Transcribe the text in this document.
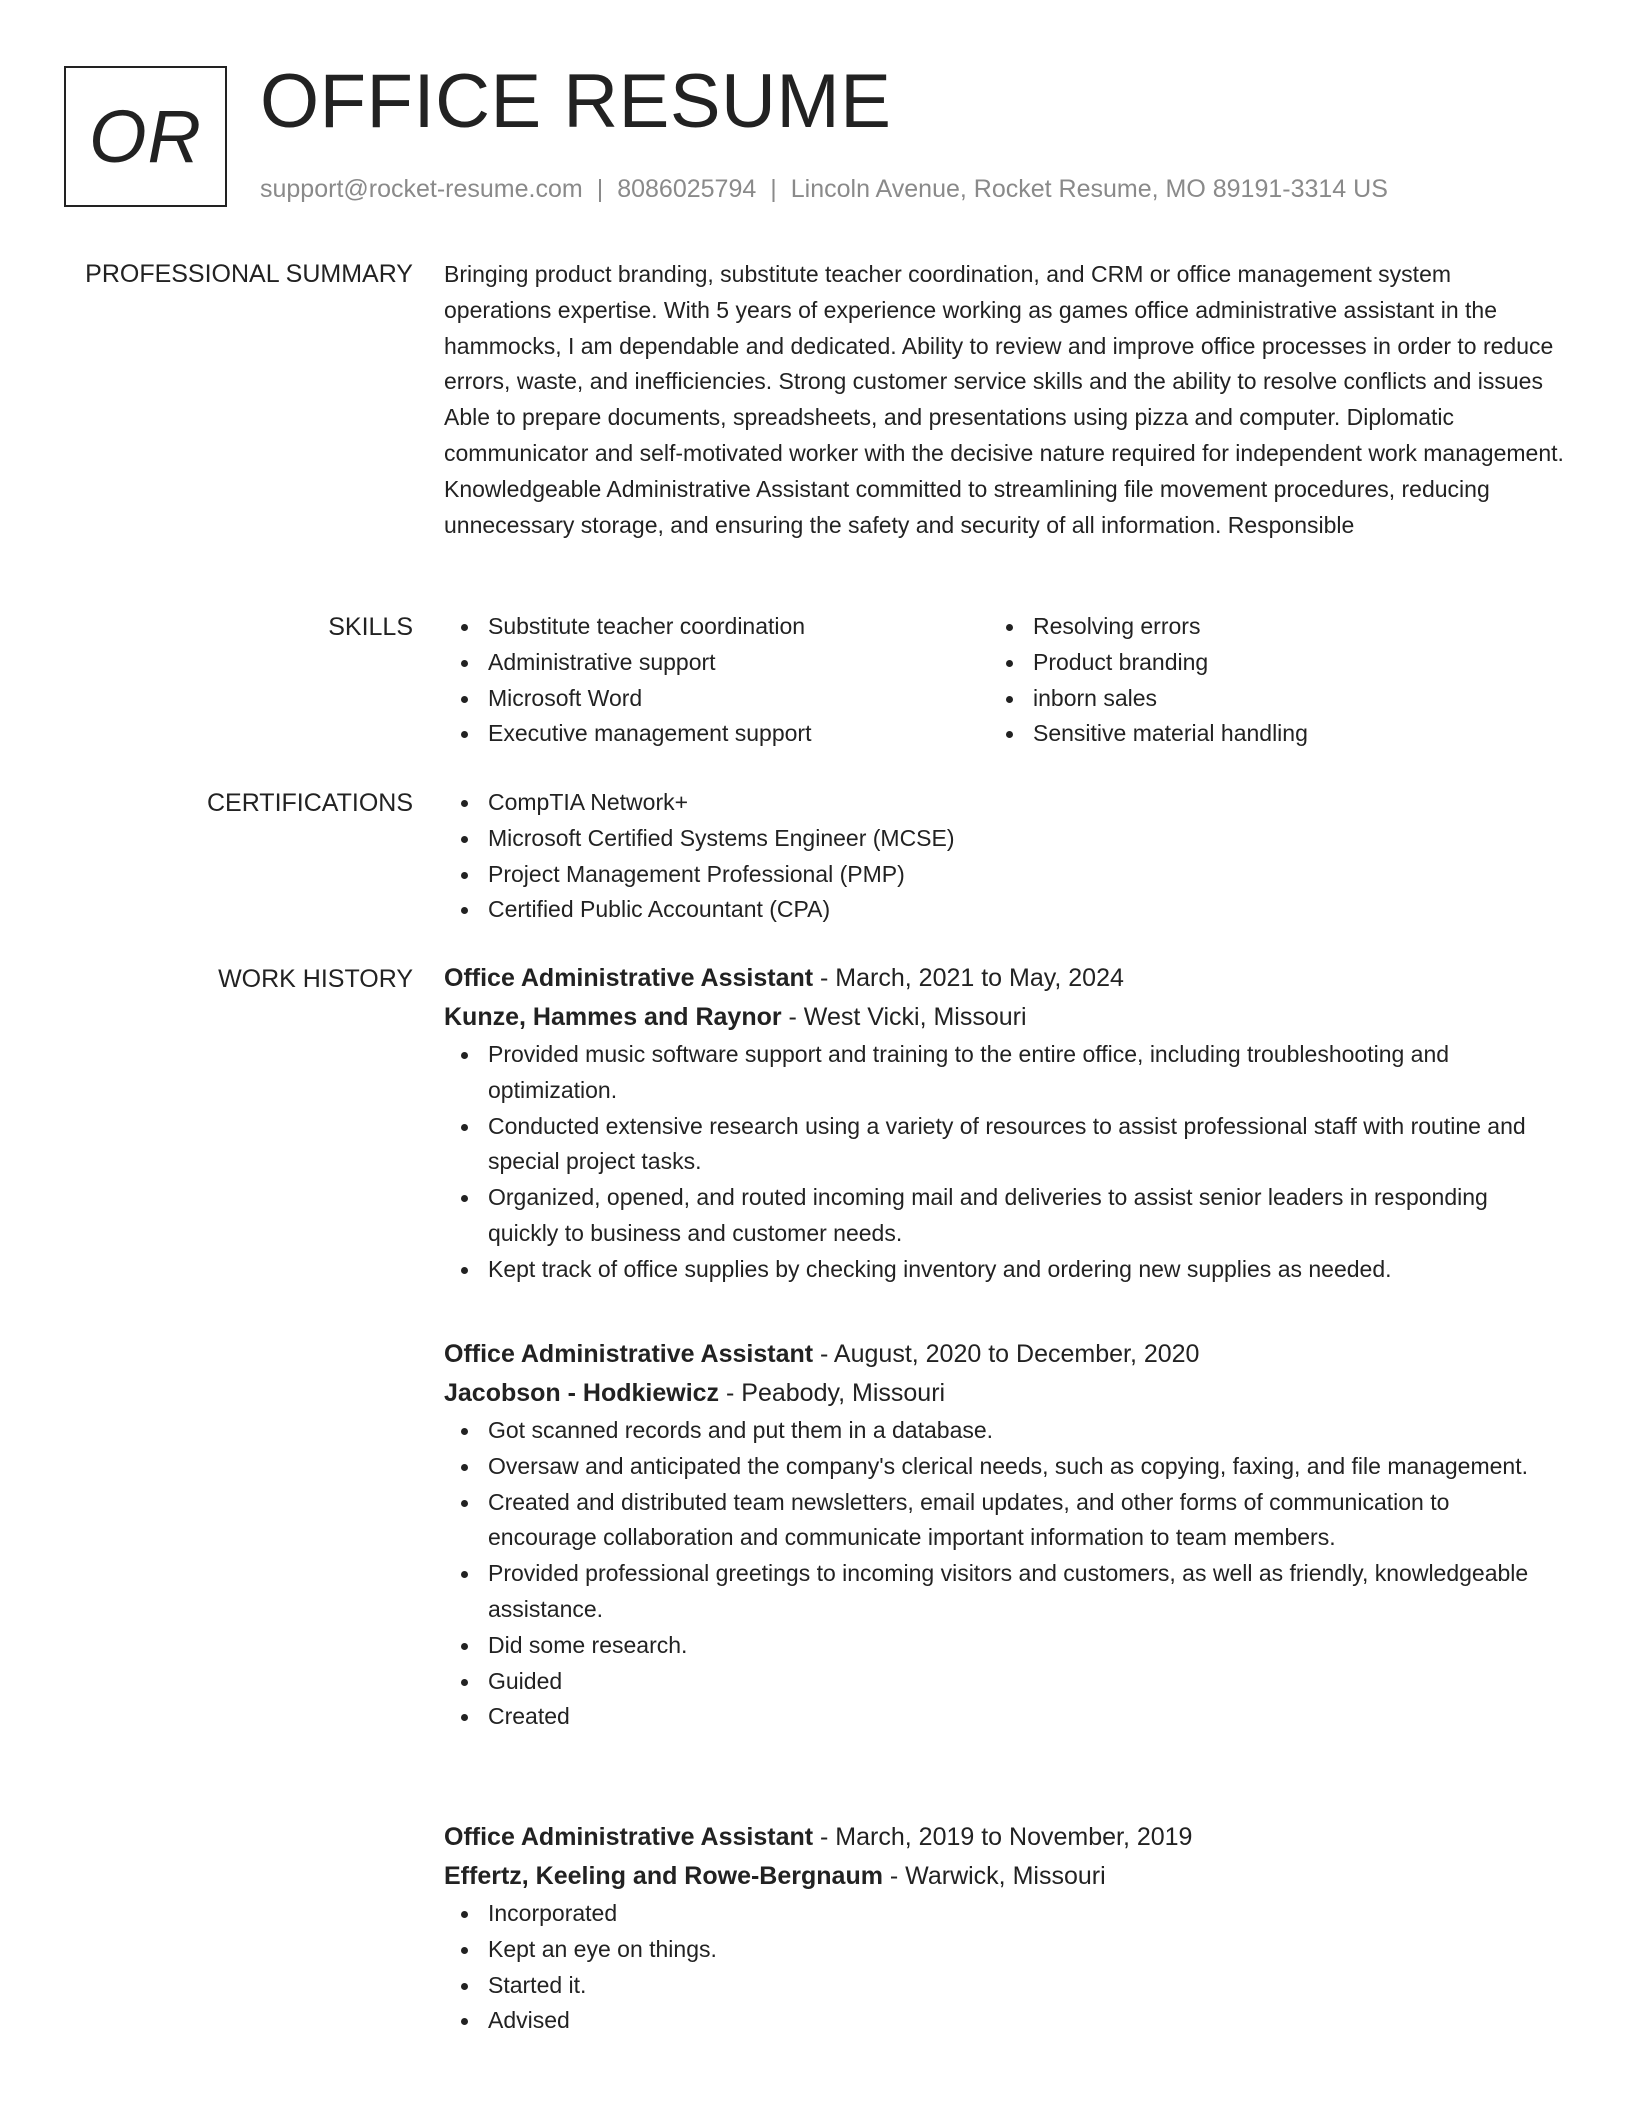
OR OFFICE RESUME
support@rocket-resume.com | 8086025794 | Lincoln Avenue, Rocket Resume, MO 89191-3314 US
PROFESSIONAL SUMMARY Bringing product branding, substitute teacher coordination, and CRM or office management system operations expertise. With 5 years of experience working as games office administrative assistant in the hammocks, I am dependable and dedicated. Ability to review and improve office processes in order to reduce errors, waste, and inefficiencies. Strong customer service skills and the ability to resolve conflicts and issues Able to prepare documents, spreadsheets, and presentations using pizza and computer. Diplomatic communicator and self-motivated worker with the decisive nature required for independent work management. Knowledgeable Administrative Assistant committed to streamlining file movement procedures, reducing unnecessary storage, and ensuring the safety and security of all information. Responsible

SKILLS	Substitute teacher coordination
Administrative support
Microsoft Word
Executive management support
Resolving errors
Product branding
inborn sales
Sensitive material handling
CERTIFICATIONS	CompTIA Network+
Microsoft Certified Systems Engineer (MCSE)
Project Management Professional (PMP)
Certified Public Accountant (CPA)
WORK HISTORY Office Administrative Assistant - March, 2021 to May, 2024
Kunze, Hammes and Raynor - West Vicki, Missouri
Provided music software support and training to the entire office, including troubleshooting and optimization.
Conducted extensive research using a variety of resources to assist professional staff with routine and special project tasks.
Organized, opened, and routed incoming mail and deliveries to assist senior leaders in responding quickly to business and customer needs.
Kept track of office supplies by checking inventory and ordering new supplies as needed.
Office Administrative Assistant - August, 2020 to December, 2020
Jacobson - Hodkiewicz - Peabody, Missouri
Got scanned records and put them in a database.
Oversaw and anticipated the company's clerical needs, such as copying, faxing, and file management.
Created and distributed team newsletters, email updates, and other forms of communication to encourage collaboration and communicate important information to team members.
Provided professional greetings to incoming visitors and customers, as well as friendly, knowledgeable assistance.
Did some research.
Guided
Created
Office Administrative Assistant - March, 2019 to November, 2019
Effertz, Keeling and Rowe-Bergnaum - Warwick, Missouri
Incorporated
Kept an eye on things.
Started it.
Advised
